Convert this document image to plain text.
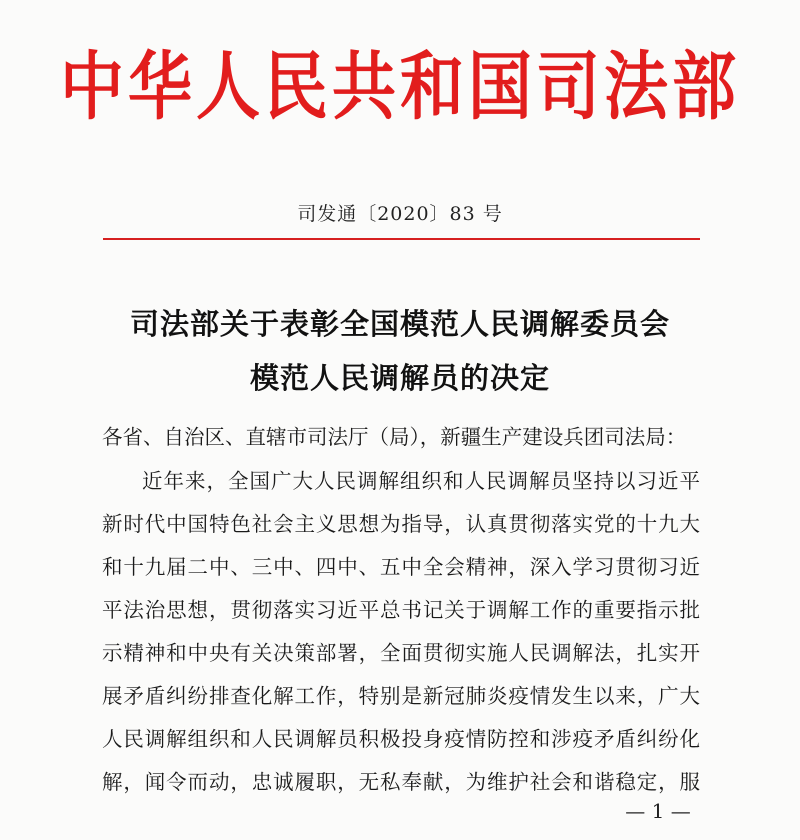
中华人民共和国司法部
司发通〔2020〕83 号
司法部关于表彰全国模范人民调解委员会
模范人民调解员的决定
各省、自治区、直辖市司法厅（局），新疆生产建设兵团司法局：
近年来，全国广大人民调解组织和人民调解员坚持以习近平
新时代中国特色社会主义思想为指导，认真贯彻落实党的十九大
和十九届二中、三中、四中、五中全会精神，深入学习贯彻习近
平法治思想，贯彻落实习近平总书记关于调解工作的重要指示批
示精神和中央有关决策部署，全面贯彻实施人民调解法，扎实开
展矛盾纠纷排查化解工作，特别是新冠肺炎疫情发生以来，广大
人民调解组织和人民调解员积极投身疫情防控和涉疫矛盾纠纷化
解，闻令而动，忠诚履职，无私奉献，为维护社会和谐稳定，服
— 1 —
